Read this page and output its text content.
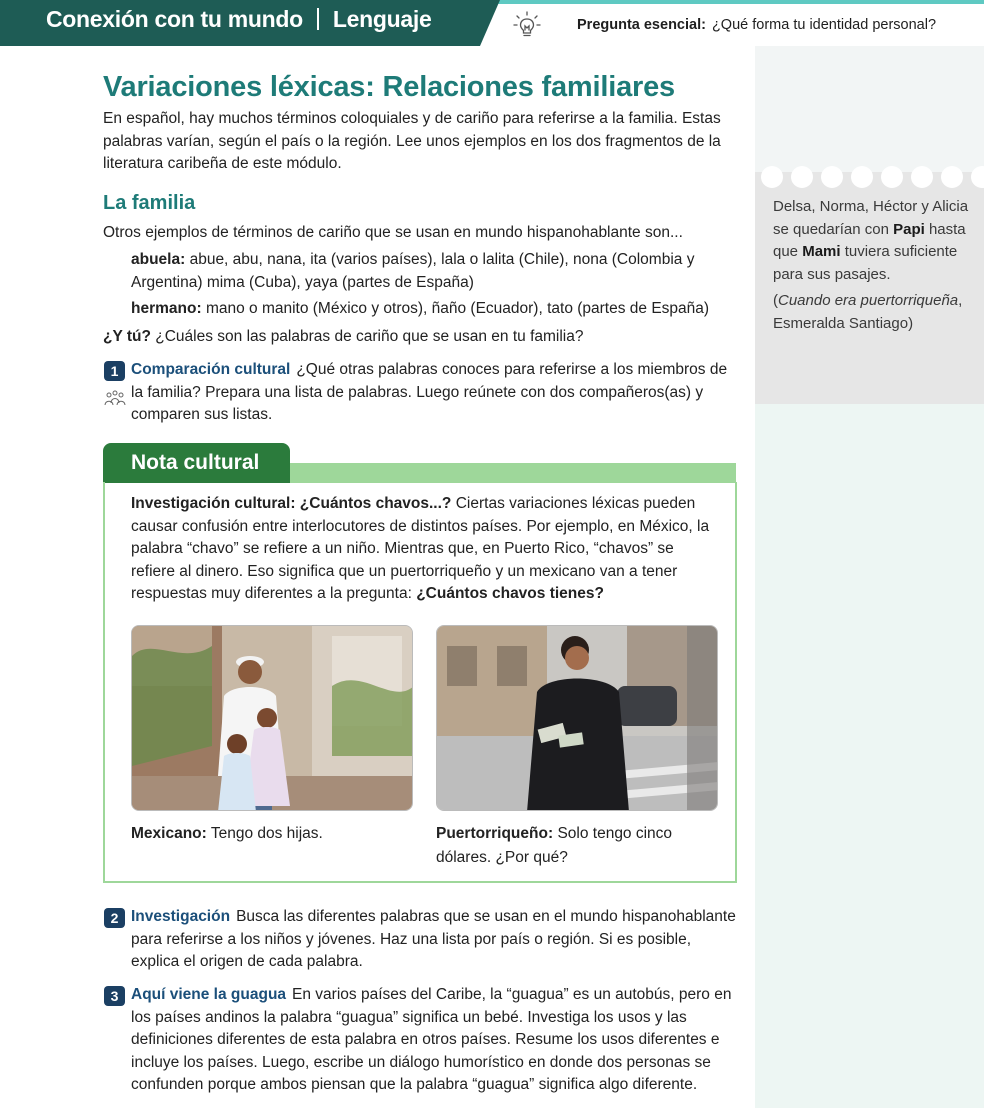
Delsa, Norma, Héctor y Alicia se quedarían con Papi hasta que Mami tuviera suficiente para sus pasajes.
(Cuando era puertorriqueña, Esmeralda Santiago)
Conexión con tu mundo Lenguaje	Pregunta esencial: ¿Qué forma tu identidad personal?
Variaciones léxicas: Relaciones familiares
En español, hay muchos términos coloquiales y de cariño para referirse a la familia. Estas palabras varían, según el país o la región. Lee unos ejemplos en los dos fragmentos de la literatura caribeña de este módulo.
La familia
Otros ejemplos de términos de cariño que se usan en mundo hispanohablante son...
abuela: abue, abu, nana, ita (varios países), lala o lalita (Chile), nona (Colombia y Argentina) mima (Cuba), yaya (partes de España)
hermano: mano o manito (México y otros), ñaño (Ecuador), tato (partes de España)
¿Y tú? ¿Cuáles son las palabras de cariño que se usan en tu familia?
1 Comparación cultural ¿Qué otras palabras conoces para referirse a los miembros de la familia? Prepara una lista de palabras. Luego reúnete con dos compañeros(as) y comparen sus listas.
Nota cultural
Investigación cultural: ¿Cuántos chavos...? Ciertas variaciones léxicas pueden causar confusión entre interlocutores de distintos países. Por ejemplo, en México, la palabra “chavo” se refiere a un niño. Mientras que, en Puerto Rico, “chavos” se refiere al dinero. Eso significa que un puertorriqueño y un mexicano van a tener respuestas muy diferentes a la pregunta: ¿Cuántos chavos tienes?
Mexicano: Tengo dos hijas.	Puertorriqueño: Solo tengo cinco dólares. ¿Por qué?
2 Investigación Busca las diferentes palabras que se usan en el mundo hispanohablante para referirse a los niños y jóvenes. Haz una lista por país o región. Si es posible, explica el origen de cada palabra.
3 Aquí viene la guagua En varios países del Caribe, la “guagua” es un autobús, pero en los países andinos la palabra “guagua” significa un bebé. Investiga los usos y las definiciones diferentes de esta palabra en otros países. Resume los usos diferentes e incluye los países. Luego, escribe un diálogo humorístico en donde dos personas se confunden porque ambos piensan que la palabra “guagua” significa algo diferente.
